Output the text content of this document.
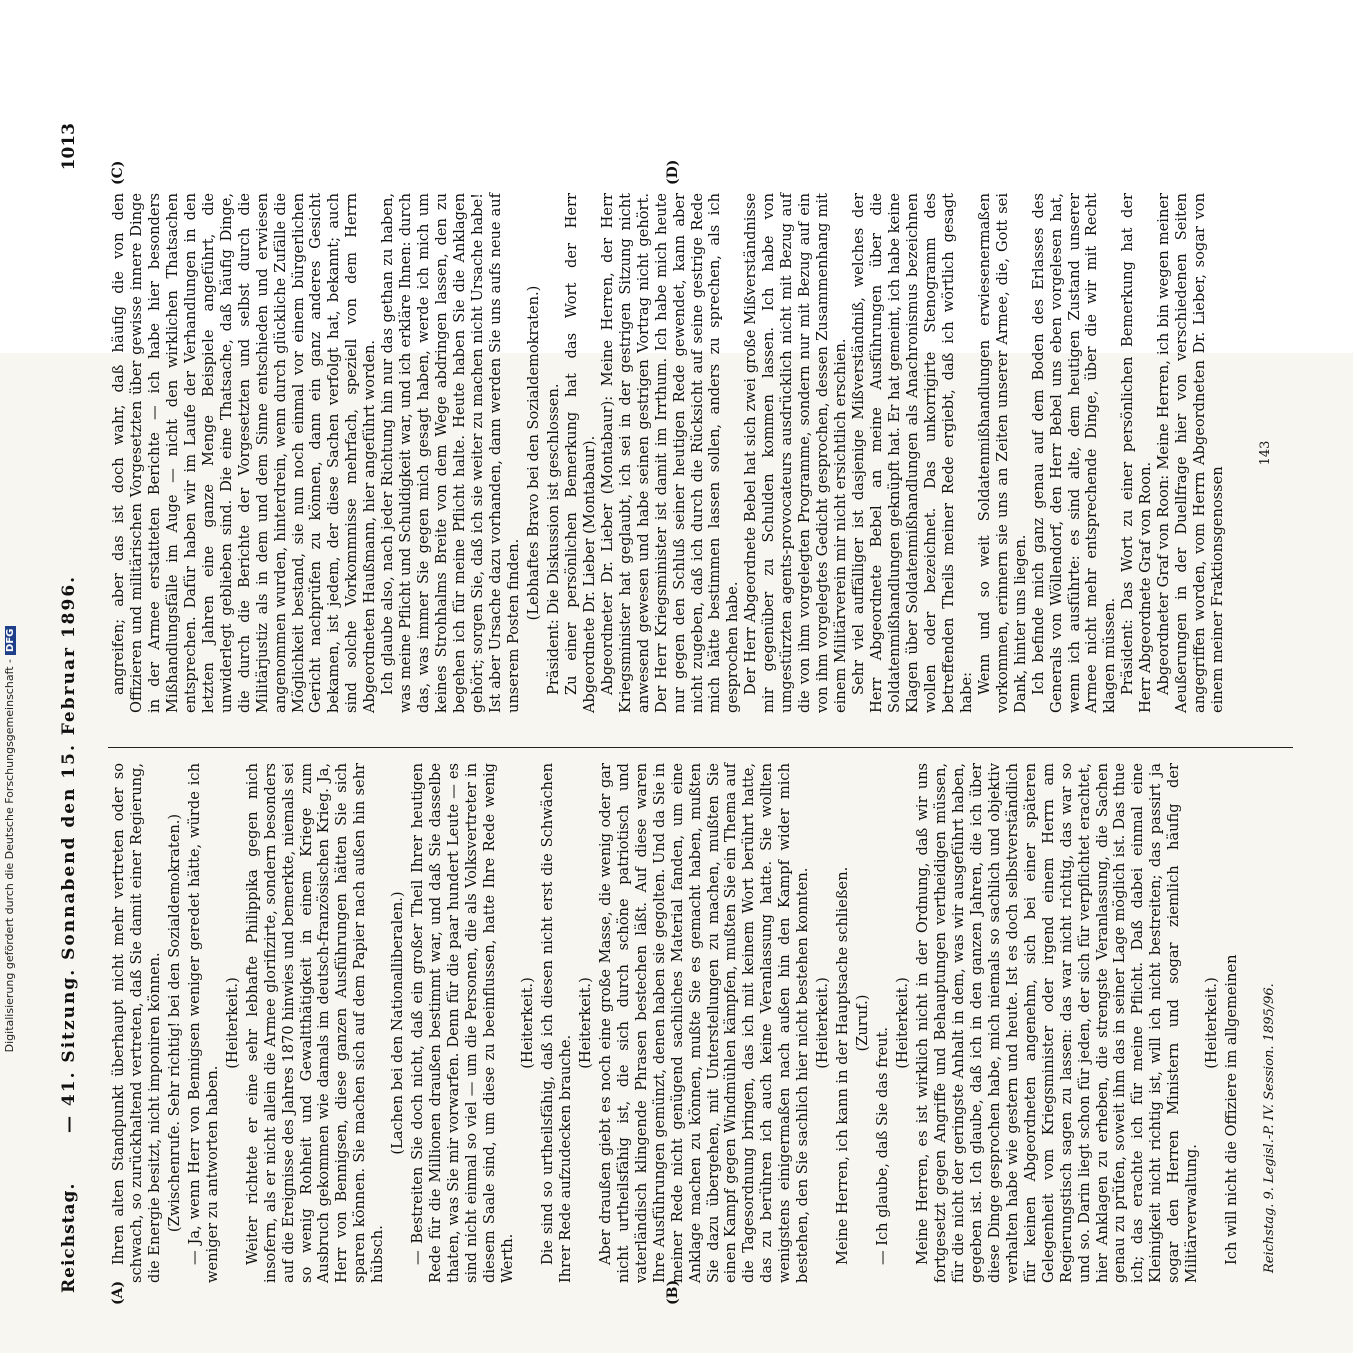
Reichstag.
— 41. Sitzung. Sonnabend den 15. Februar 1896.
1013
(A)	(B)
(C)	(D)

Ihren alten Standpunkt überhaupt nicht mehr vertreten oder so schwach, so zurückhaltend vertreten, daß Sie damit einer Regierung, die Energie besitzt, nicht imponiren können. (Zwischenrufe. Sehr richtig! bei den Sozialdemokraten.) — Ja, wenn Herr von Bennigsen weniger geredet hätte, würde ich weniger zu antworten haben.

(Heiterkeit.) Weiter richtete er eine sehr lebhafte Philippika gegen mich insofern, als er nicht allein die Armee glorifizirte, sondern besonders auf die Ereignisse des Jahres 1870 hinwies und bemerkte, niemals sei so wenig Rohheit und Gewaltthätigkeit in einem Kriege zum Ausbruch gekommen wie damals im deutsch-französischen Krieg. Ja, Herr von Bennigsen, diese ganzen Ausführungen hätten Sie sich sparen können. Sie machen sich auf dem Papier nach außen hin sehr hübsch.

(Lachen bei den Nationalliberalen.) — Bestreiten Sie doch nicht, daß ein großer Theil Ihrer heutigen Rede für die Millionen draußen bestimmt war, und daß Sie dasselbe thaten, was Sie mir vorwarfen. Denn für die paar hundert Leute — es sind nicht einmal so viel — um die Personen, die als Volksvertreter in diesem Saale sind, um diese zu beeinflussen, hatte Ihre Rede wenig Werth.

(Heiterkeit.) Die sind so urtheilsfähig, daß ich diesen nicht erst die Schwächen Ihrer Rede aufzudecken brauche.

(Heiterkeit.) Aber draußen giebt es noch eine große Masse, die wenig oder gar nicht urtheilsfähig ist, die sich durch schöne patriotisch und vaterländisch klingende Phrasen bestechen läßt. Auf diese waren Ihre Ausführungen gemünzt, denen haben sie gegolten. Und da Sie in meiner Rede nicht genügend sachliches Material fanden, um eine Anklage machen zu können, mußte Sie es gemacht haben, mußten Sie dazu übergehen, mit Unterstellungen zu machen, mußten Sie einen Kampf gegen Windmühlen kämpfen, mußten Sie ein Thema auf die Tagesordnung bringen, das ich mit keinem Wort berührt hatte, das zu berühren ich auch keine Veranlassung hatte. Sie wollten wenigstens einigermaßen nach außen hin den Kampf wider mich bestehen, den Sie sachlich hier nicht bestehen konnten. (Heiterkeit.) Meine Herren, ich kann in der Hauptsache schließen. (Zuruf.)

— Ich glaube, daß Sie das freut.

(Heiterkeit.) Meine Herren, es ist wirklich nicht in der Ordnung, daß wir uns fortgesetzt gegen Angriffe und Behauptungen vertheidigen müssen, für die nicht der geringste Anhalt in dem, was wir ausgeführt haben, gegeben ist. Ich glaube, daß ich in den ganzen Jahren, die ich über diese Dinge gesprochen habe, mich niemals so sachlich und objektiv verhalten habe wie gestern und heute. Ist es doch selbstverständlich für keinen Abgeordneten angenehm, sich bei einer späteren Gelegenheit vom Kriegsminister oder irgend einem Herrn am Regierungstisch sagen zu lassen: das war nicht richtig, das war so und so. Darin liegt schon für jeden, der sich für verpflichtet erachtet, hier Anklagen zu erheben, die strengste Veranlassung, die Sachen genau zu prüfen, soweit ihm das in seiner Lage möglich ist. Das thue ich; das erachte ich für meine Pflicht. Daß dabei einmal eine Kleinigkeit nicht richtig ist, will ich nicht bestreiten; das passirt ja sogar den Herren Ministern und sogar ziemlich häufig der Militärverwaltung.

(Heiterkeit.) Ich will nicht die Offiziere im allgemeinen

angreifen; aber das ist doch wahr, daß häufig die von den Offizieren und militärischen Vorgesetzten über gewisse innere Dinge in der Armee erstatteten Berichte — ich habe hier besonders Mißhandlungsfälle im Auge — nicht den wirklichen Thatsachen entsprechen. Dafür haben wir im Laufe der Verhandlungen in den letzten Jahren eine ganze Menge Beispiele angeführt, die unwiderlegt geblieben sind. Die eine Thatsache, daß häufig Dinge, die durch die Berichte der Vorgesetzten und selbst durch die Militärjustiz als in dem und dem Sinne entschieden und erwiesen angenommen wurden, hinterdrein, wenn durch glückliche Zufälle die Möglichkeit bestand, sie nun noch einmal vor einem bürgerlichen Gericht nachprüfen zu können, dann ein ganz anderes Gesicht bekamen, ist jedem, der diese Sachen verfolgt hat, bekannt; auch sind solche Vorkommnisse mehrfach, speziell von dem Herrn Abgeordneten Haußmann, hier angeführt worden. Ich glaube also, nach jeder Richtung hin nur das gethan zu haben, was meine Pflicht und Schuldigkeit war, und ich erkläre Ihnen: durch das, was immer Sie gegen mich gesagt haben, werde ich mich um keines Strohhalms Breite von dem Wege abdringen lassen, den zu begehen ich für meine Pflicht halte. Heute haben Sie die Anklagen gehört; sorgen Sie, daß ich sie weiter zu machen nicht Ursache habe! Ist aber Ursache dazu vorhanden, dann werden Sie uns aufs neue auf unserem Posten finden.

(Lebhaftes Bravo bei den Sozialdemokraten.) Präsident: Die Diskussion ist geschlossen. Zu einer persönlichen Bemerkung hat das Wort der Herr Abgeordnete Dr. Lieber (Montabaur). Abgeordneter Dr. Lieber (Montabaur): Meine Herren, der Herr Kriegsminister hat geglaubt, ich sei in der gestrigen Sitzung nicht anwesend gewesen und habe seinen gestrigen Vortrag nicht gehört. Der Herr Kriegsminister ist damit im Irrthum. Ich habe mich heute nur gegen den Schluß seiner heutigen Rede gewendet, kann aber nicht zugeben, daß ich durch die Rücksicht auf seine gestrige Rede mich hätte bestimmen lassen sollen, anders zu sprechen, als ich gesprochen habe. Der Herr Abgeordnete Bebel hat sich zwei große Mißverständnisse mir gegenüber zu Schulden kommen lassen. Ich habe von umgestürzten agents-provocateurs ausdrücklich nicht mit Bezug auf die von ihm vorgelegten Programme, sondern nur mit Bezug auf ein von ihm vorgelegtes Gedicht gesprochen, dessen Zusammenhang mit einem Militärverein mir nicht ersichtlich erschien. Sehr viel auffälliger ist dasjenige Mißverständniß, welches der Herr Abgeordnete Bebel an meine Ausführungen über die Soldatenmißhandlungen geknüpft hat. Er hat gemeint, ich habe keine Klagen über Soldatenmißhandlungen als Anachronismus bezeichnen wollen oder bezeichnet. Das unkorrigirte Stenogramm des betreffenden Theils meiner Rede ergiebt, daß ich wörtlich gesagt habe: Wenn und so weit Soldatenmißhandlungen erwiesenermaßen vorkommen, erinnern sie uns an Zeiten unserer Armee, die, Gott sei Dank, hinter uns liegen. Ich befinde mich ganz genau auf dem Boden des Erlasses des Generals von Wöllendorf, den Herr Bebel uns eben vorgelesen hat, wenn ich ausführte: es sind alte, dem heutigen Zustand unserer Armee nicht mehr entsprechende Dinge, über die wir mit Recht klagen müssen. Präsident: Das Wort zu einer persönlichen Bemerkung hat der Herr Abgeordnete Graf von Roon. Abgeordneter Graf von Roon: Meine Herren, ich bin wegen meiner Aeußerungen in der Duellfrage hier von verschiedenen Seiten angegriffen worden, vom Herrn Abgeordneten Dr. Lieber, sogar von einem meiner Fraktionsgenossen

Reichstag. 9. Legisl.-P. IV. Session. 1895/96.
143
Digitalisierung gefördert durch die Deutsche Forschungsgemeinschaft -DFG
